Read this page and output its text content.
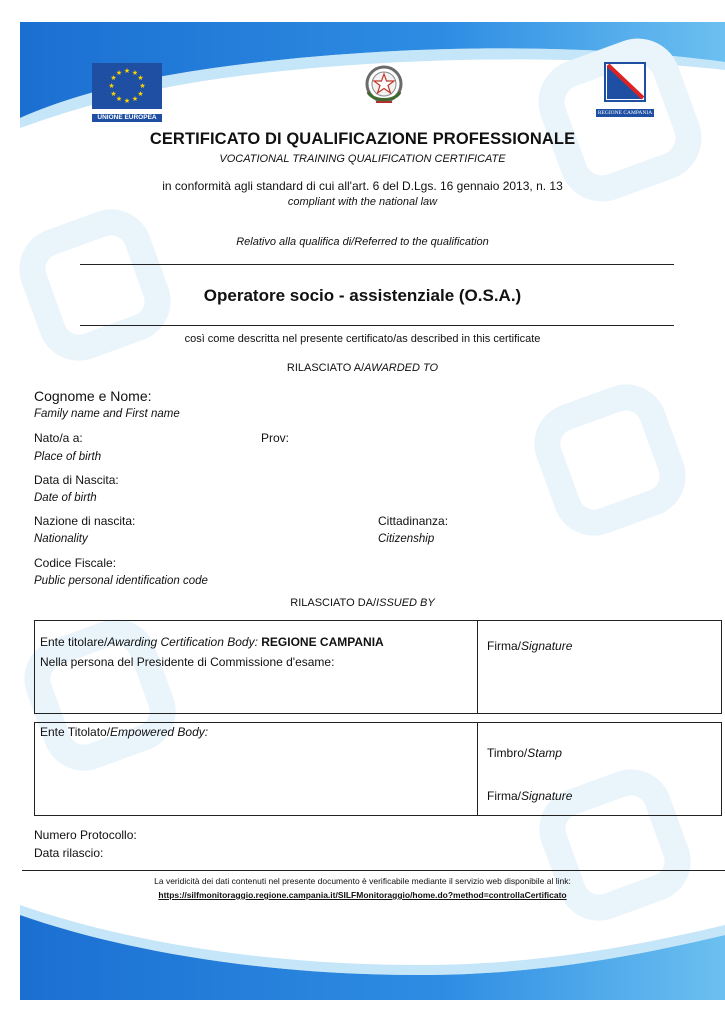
★ ★
★
★
★
★
★
★
★
★
★
★
UNIONE EUROPEA
REGIONE CAMPANIA
CERTIFICATO DI QUALIFICAZIONE PROFESSIONALE
VOCATIONAL TRAINING QUALIFICATION CERTIFICATE
in conformità agli standard di cui all'art. 6 del D.Lgs. 16 gennaio 2013, n. 13
compliant with the national law
Relativo alla qualifica di/Referred to the qualification
Operatore socio - assistenziale (O.S.A.)
così come descritta nel presente certificato/as described in this certificate
RILASCIATO A/AWARDED TO
Cognome e Nome:
Family name and First name
Nato/a a:
Place of birth
Prov:
Data di Nascita:
Date of birth
Nazione di nascita:
Nationality
Cittadinanza:
Citizenship
Codice Fiscale:
Public personal identification code
RILASCIATO DA/ISSUED BY
Ente titolare/Awarding Certification Body: REGIONE CAMPANIA
Nella persona del Presidente di Commissione d'esame:
Firma/Signature
Ente Titolato/Empowered Body:
Timbro/Stamp
Firma/Signature
Numero Protocollo:
Data rilascio:
La veridicità dei dati contenuti nel presente documento è verificabile mediante il servizio web disponibile al link:
https://silfmonitoraggio.regione.campania.it/SILFMonitoraggio/home.do?method=controllaCertificato
